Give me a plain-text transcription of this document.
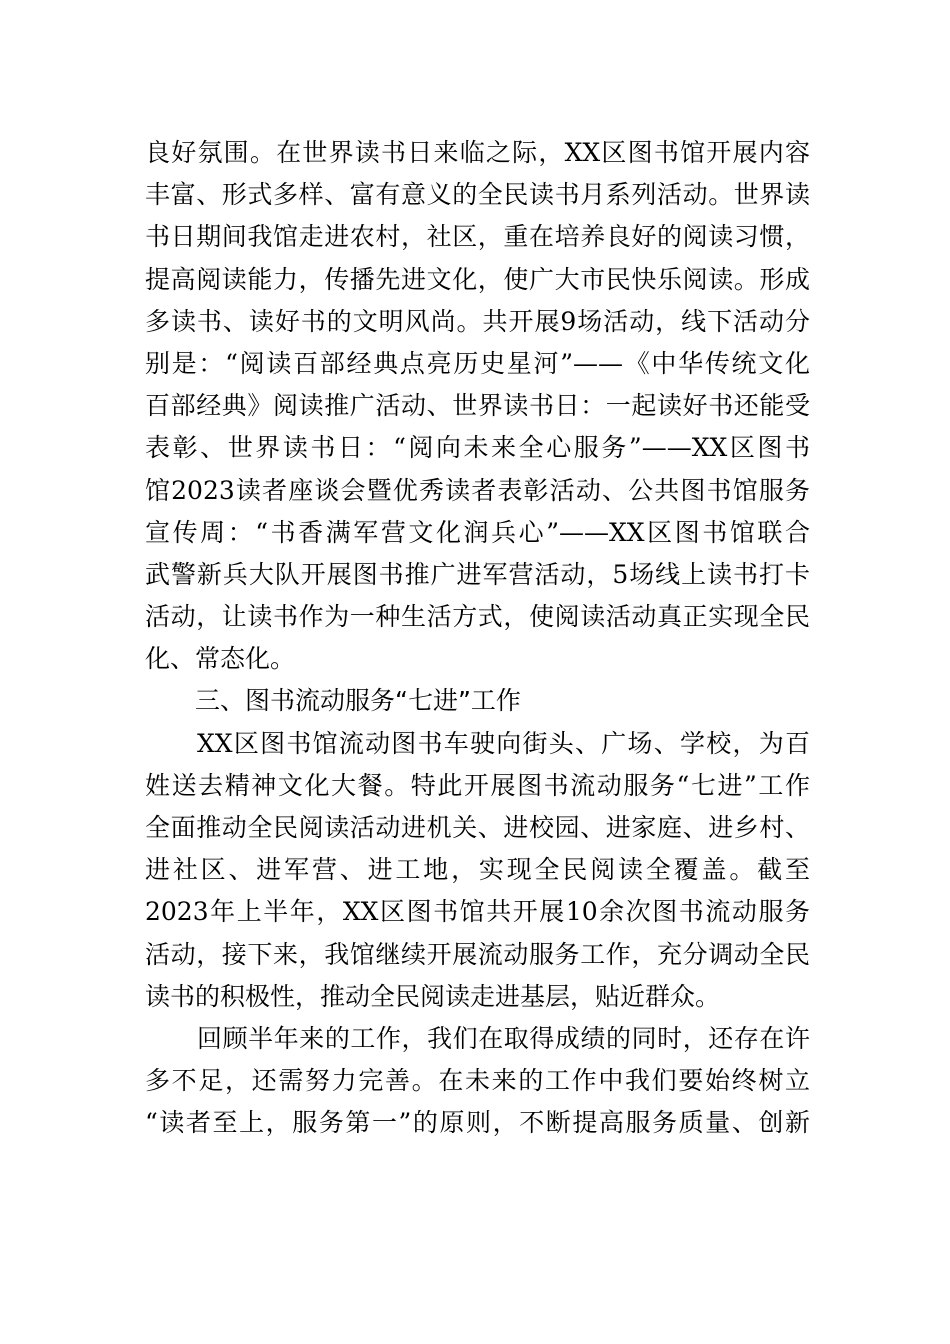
良好氛围。在世界读书日来临之际，XX区图书馆开展内容
丰富、形式多样、富有意义的全民读书月系列活动。世界读
书日期间我馆走进农村，社区，重在培养良好的阅读习惯，
提高阅读能力，传播先进文化，使广大市民快乐阅读。形成
多读书、读好书的文明风尚。共开展9场活动，线下活动分
别是：“阅读百部经典点亮历史星河”——《中华传统文化
百部经典》阅读推广活动、世界读书日：一起读好书还能受
表彰、世界读书日：“阅向未来全心服务”——XX区图书
馆2023读者座谈会暨优秀读者表彰活动、公共图书馆服务
宣传周：“书香满军营文化润兵心”——XX区图书馆联合
武警新兵大队开展图书推广进军营活动，5场线上读书打卡
活动，让读书作为一种生活方式，使阅读活动真正实现全民
化、常态化。
三、图书流动服务“七进”工作
XX区图书馆流动图书车驶向街头、广场、学校，为百
姓送去精神文化大餐。特此开展图书流动服务“七进”工作
全面推动全民阅读活动进机关、进校园、进家庭、进乡村、
进社区、进军营、进工地，实现全民阅读全覆盖。截至
2023年上半年，XX区图书馆共开展10余次图书流动服务
活动，接下来，我馆继续开展流动服务工作，充分调动全民
读书的积极性，推动全民阅读走进基层，贴近群众。
回顾半年来的工作，我们在取得成绩的同时，还存在许
多不足，还需努力完善。在未来的工作中我们要始终树立
“读者至上，服务第一”的原则，不断提高服务质量、创新
